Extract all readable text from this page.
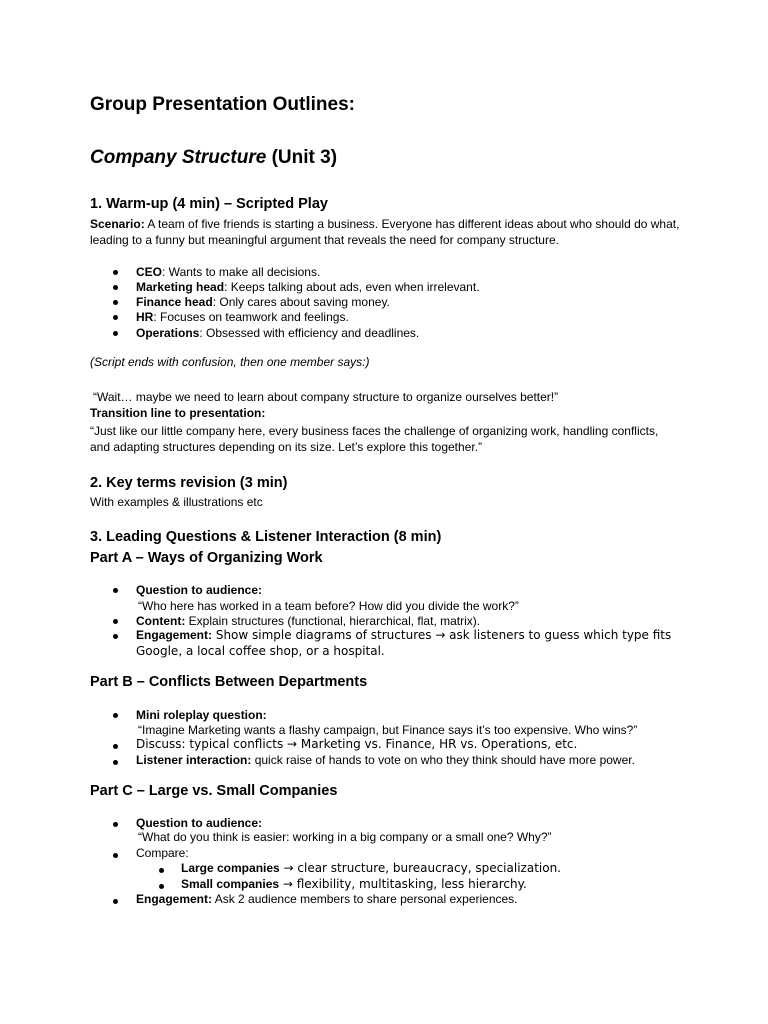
Group Presentation Outlines:
Company Structure (Unit 3)
1. Warm-up (4 min) – Scripted Play
Scenario: A team of five friends is starting a business. Everyone has different ideas about who should do what, leading to a funny but meaningful argument that reveals the need for company structure.
CEO: Wants to make all decisions.
Marketing head: Keeps talking about ads, even when irrelevant.
Finance head: Only cares about saving money.
HR: Focuses on teamwork and feelings.
Operations: Obsessed with efficiency and deadlines.
(Script ends with confusion, then one member says:)
“Wait… maybe we need to learn about company structure to organize ourselves better!”
Transition line to presentation:
“Just like our little company here, every business faces the challenge of organizing work, handling conflicts, and adapting structures depending on its size. Let’s explore this together.”
2. Key terms revision (3 min)
With examples & illustrations etc
3. Leading Questions & Listener Interaction (8 min)
Part A – Ways of Organizing Work
Question to audience:
“Who here has worked in a team before? How did you divide the work?”
Content: Explain structures (functional, hierarchical, flat, matrix).
Engagement: Show simple diagrams of structures → ask listeners to guess which type fits Google, a local coffee shop, or a hospital.
Part B – Conflicts Between Departments
Mini roleplay question:
“Imagine Marketing wants a flashy campaign, but Finance says it’s too expensive. Who wins?”
Discuss: typical conflicts → Marketing vs. Finance, HR vs. Operations, etc.
Listener interaction: quick raise of hands to vote on who they think should have more power.
Part C – Large vs. Small Companies
Question to audience:
“What do you think is easier: working in a big company or a small one? Why?”
Compare:
Large companies → clear structure, bureaucracy, specialization.
Small companies → flexibility, multitasking, less hierarchy.
Engagement: Ask 2 audience members to share personal experiences.
